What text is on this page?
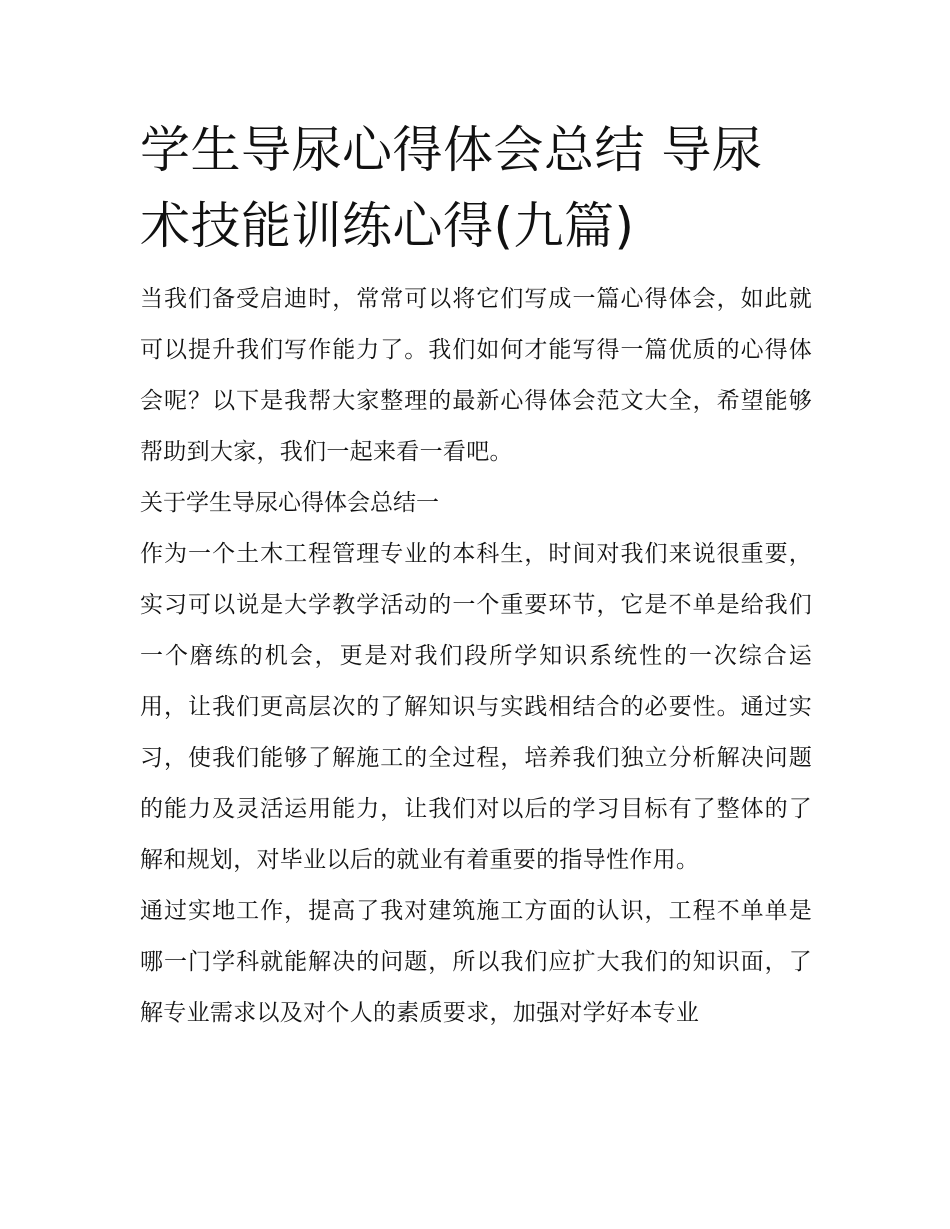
学生导尿心得体会总结 导尿术技能训练心得(九篇)

当我们备受启迪时，常常可以将它们写成一篇心得体会，如此就可以提升我们写作能力了。我们如何才能写得一篇优质的心得体会呢？以下是我帮大家整理的最新心得体会范文大全，希望能够帮助到大家，我们一起来看一看吧。

关于学生导尿心得体会总结一

作为一个土木工程管理专业的本科生，时间对我们来说很重要，实习可以说是大学教学活动的一个重要环节，它是不单是给我们一个磨练的机会，更是对我们段所学知识系统性的一次综合运用，让我们更高层次的了解知识与实践相结合的必要性。通过实习，使我们能够了解施工的全过程，培养我们独立分析解决问题的能力及灵活运用能力，让我们对以后的学习目标有了整体的了解和规划，对毕业以后的就业有着重要的指导性作用。

通过实地工作，提高了我对建筑施工方面的认识，工程不单单是哪一门学科就能解决的问题，所以我们应扩大我们的知识面，了解专业需求以及对个人的素质要求，加强对学好本专业
